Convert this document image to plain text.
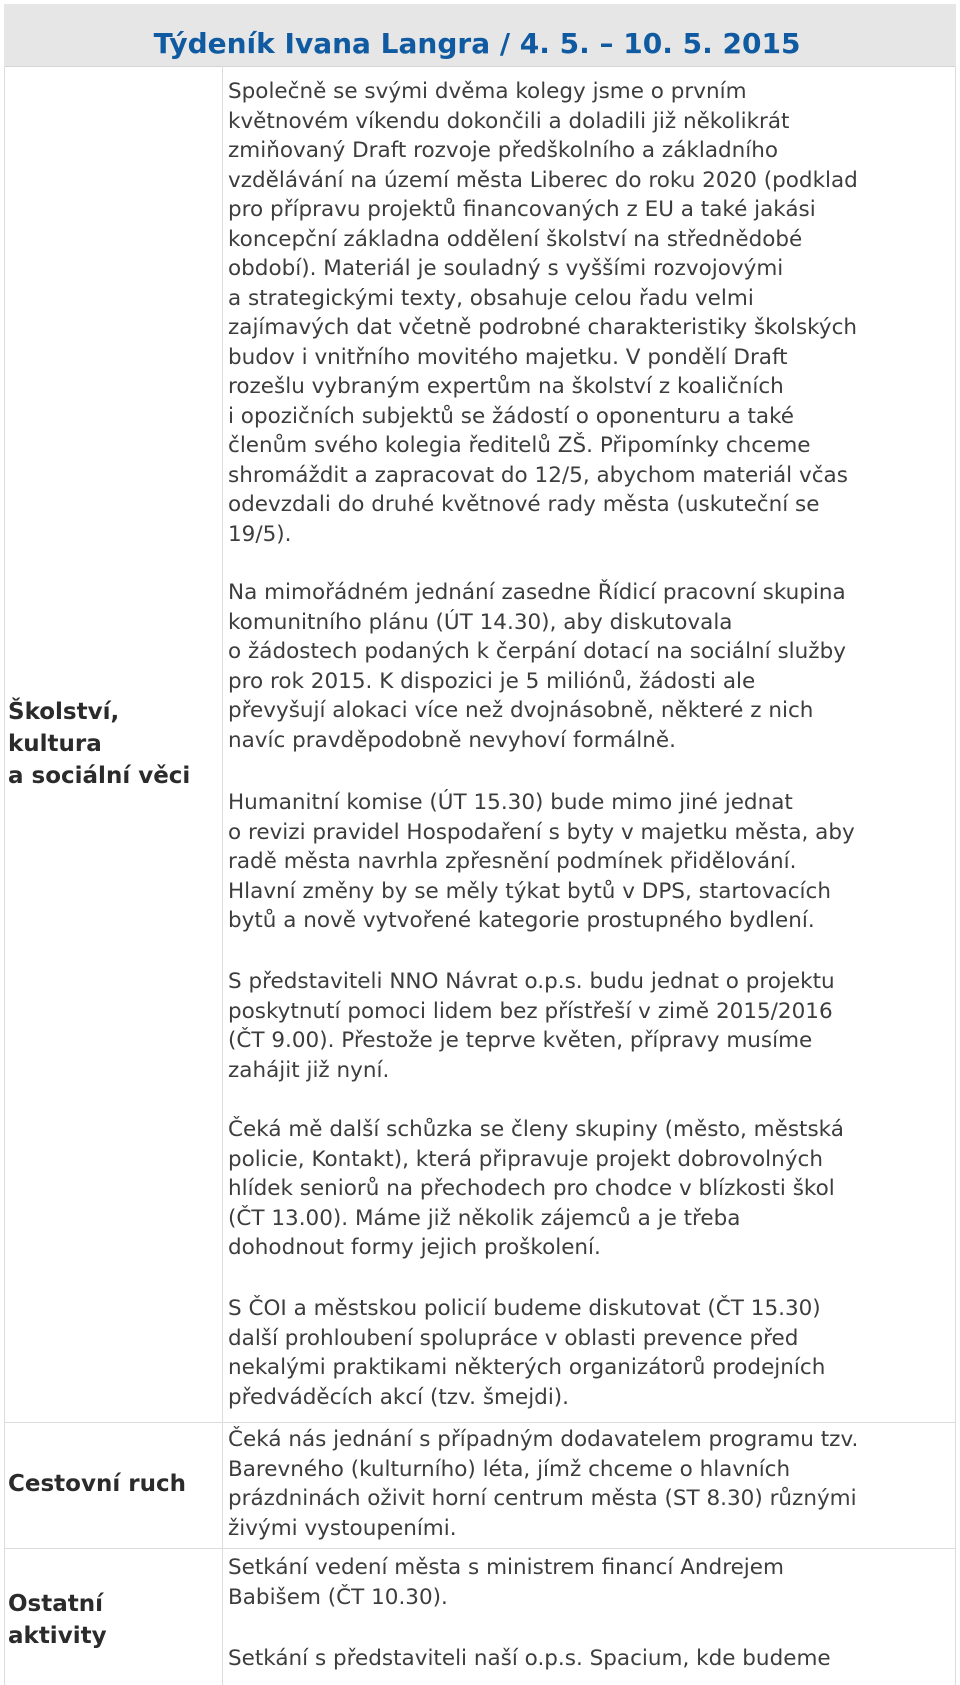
Týdeník Ivana Langra / 4. 5. – 10. 5. 2015

Školství,
kultura
a sociální věci

Společně se svými dvěma kolegy jsme o prvním
květnovém víkendu dokončili a doladili již několikrát
zmiňovaný Draft rozvoje předškolního a základního
vzdělávání na území města Liberec do roku 2020 (podklad
pro přípravu projektů financovaných z EU a také jakási
koncepční základna oddělení školství na střednědobé
období). Materiál je souladný s vyššími rozvojovými
a strategickými texty, obsahuje celou řadu velmi
zajímavých dat včetně podrobné charakteristiky školských
budov i vnitřního movitého majetku. V pondělí Draft
rozešlu vybraným expertům na školství z koaličních
i opozičních subjektů se žádostí o oponenturu a také
členům svého kolegia ředitelů ZŠ. Připomínky chceme
shromáždit a zapracovat do 12/5, abychom materiál včas
odevzdali do druhé květnové rady města (uskuteční se
19/5).

Na mimořádném jednání zasedne Řídicí pracovní skupina
komunitního plánu (ÚT 14.30), aby diskutovala
o žádostech podaných k čerpání dotací na sociální služby
pro rok 2015. K dispozici je 5 miliónů, žádosti ale
převyšují alokaci více než dvojnásobně, některé z nich
navíc pravděpodobně nevyhoví formálně.

Humanitní komise (ÚT 15.30) bude mimo jiné jednat
o revizi pravidel Hospodaření s byty v majetku města, aby
radě města navrhla zpřesnění podmínek přidělování.
Hlavní změny by se měly týkat bytů v DPS, startovacích
bytů a nově vytvořené kategorie prostupného bydlení.

S představiteli NNO Návrat o.p.s. budu jednat o projektu
poskytnutí pomoci lidem bez přístřeší v zimě 2015/2016
(ČT 9.00). Přestože je teprve květen, přípravy musíme
zahájit již nyní.

Čeká mě další schůzka se členy skupiny (město, městská
policie, Kontakt), která připravuje projekt dobrovolných
hlídek seniorů na přechodech pro chodce v blízkosti škol
(ČT 13.00). Máme již několik zájemců a je třeba
dohodnout formy jejich proškolení.

S ČOI a městskou policií budeme diskutovat (ČT 15.30)
další prohloubení spolupráce v oblasti prevence před
nekalými praktikami některých organizátorů prodejních
předváděcích akcí (tzv. šmejdi).

Cestovní ruch

Čeká nás jednání s případným dodavatelem programu tzv.
Barevného (kulturního) léta, jímž chceme o hlavních
prázdninách oživit horní centrum města (ST 8.30) různými
živými vystoupeními.

Ostatní
aktivity

Setkání vedení města s ministrem financí Andrejem
Babišem (ČT 10.30).

Setkání s představiteli naší o.p.s. Spacium, kde budeme
